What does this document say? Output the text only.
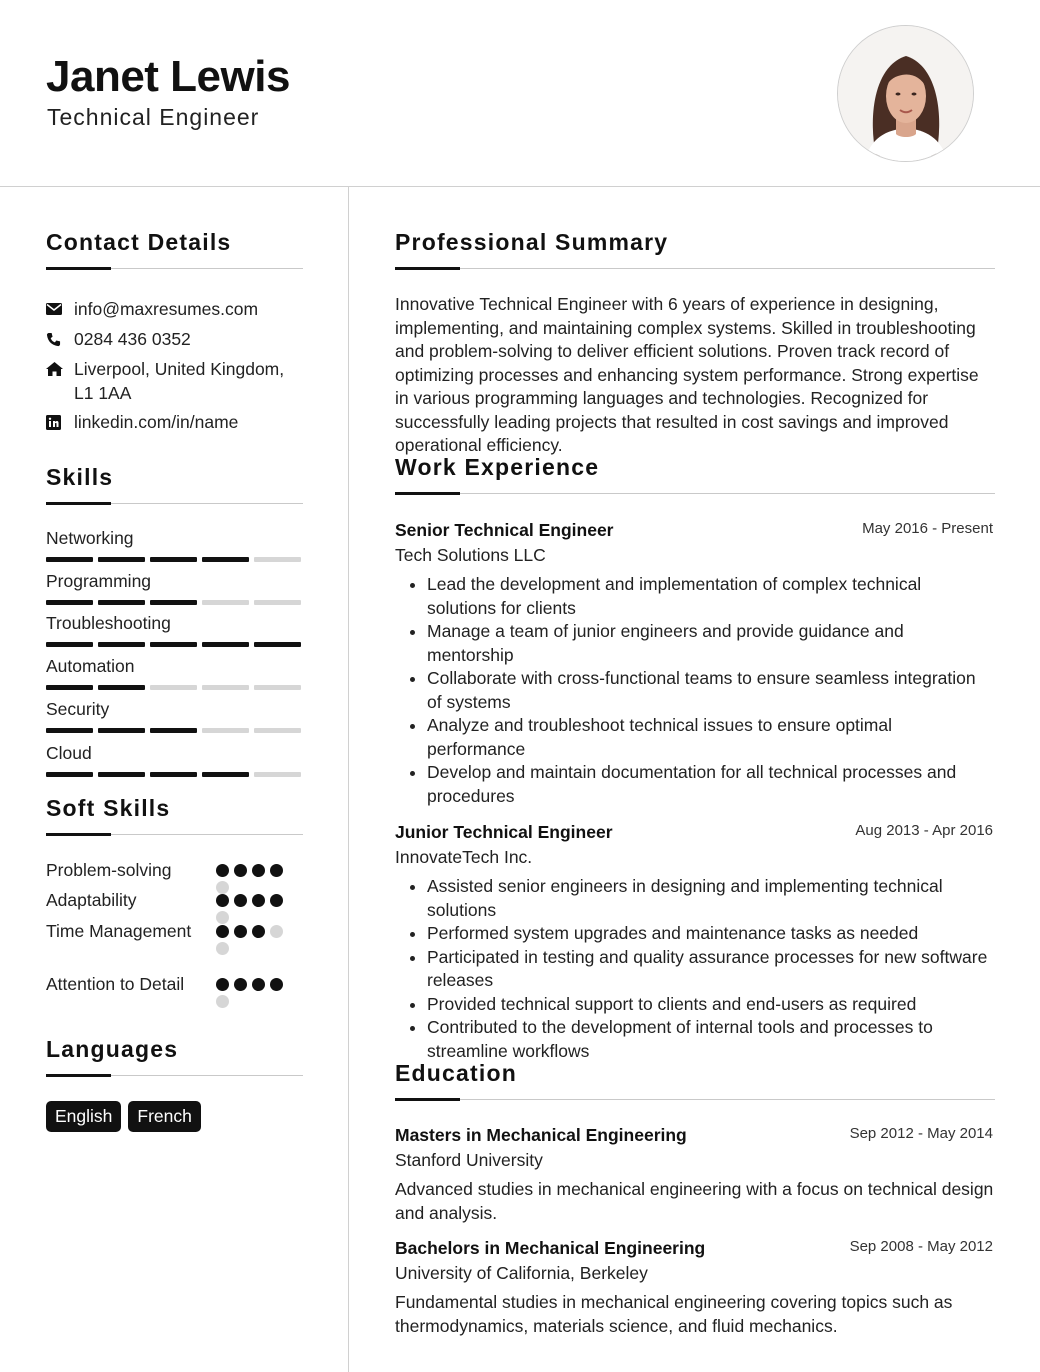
Janet Lewis
Technical Engineer
Contact Details
info@maxresumes.com
0284 436 0352
Liverpool, United Kingdom, L1 1AA
linkedin.com/in/name
Skills
Networking
Programming
Troubleshooting
Automation
Security
Cloud
Soft Skills
Problem-solving
Adaptability
Time Management
Attention to Detail
Languages
English	French
Professional Summary
Innovative Technical Engineer with 6 years of experience in designing, implementing, and maintaining complex systems. Skilled in troubleshooting and problem-solving to deliver efficient solutions. Proven track record of optimizing processes and enhancing system performance. Strong expertise in various programming languages and technologies. Recognized for successfully leading projects that resulted in cost savings and improved operational efficiency.
Work Experience
Senior Technical Engineer	May 2016 - Present
Tech Solutions LLC
• Lead the development and implementation of complex technical solutions for clients
• Manage a team of junior engineers and provide guidance and mentorship
• Collaborate with cross-functional teams to ensure seamless integration of systems
• Analyze and troubleshoot technical issues to ensure optimal performance
• Develop and maintain documentation for all technical processes and procedures
Junior Technical Engineer	Aug 2013 - Apr 2016
InnovateTech Inc.
• Assisted senior engineers in designing and implementing technical solutions
• Performed system upgrades and maintenance tasks as needed
• Participated in testing and quality assurance processes for new software releases
• Provided technical support to clients and end-users as required
• Contributed to the development of internal tools and processes to streamline workflows
Education
Masters in Mechanical Engineering	Sep 2012 - May 2014
Stanford University
Advanced studies in mechanical engineering with a focus on technical design and analysis.
Bachelors in Mechanical Engineering	Sep 2008 - May 2012
University of California, Berkeley
Fundamental studies in mechanical engineering covering topics such as thermodynamics, materials science, and fluid mechanics.
